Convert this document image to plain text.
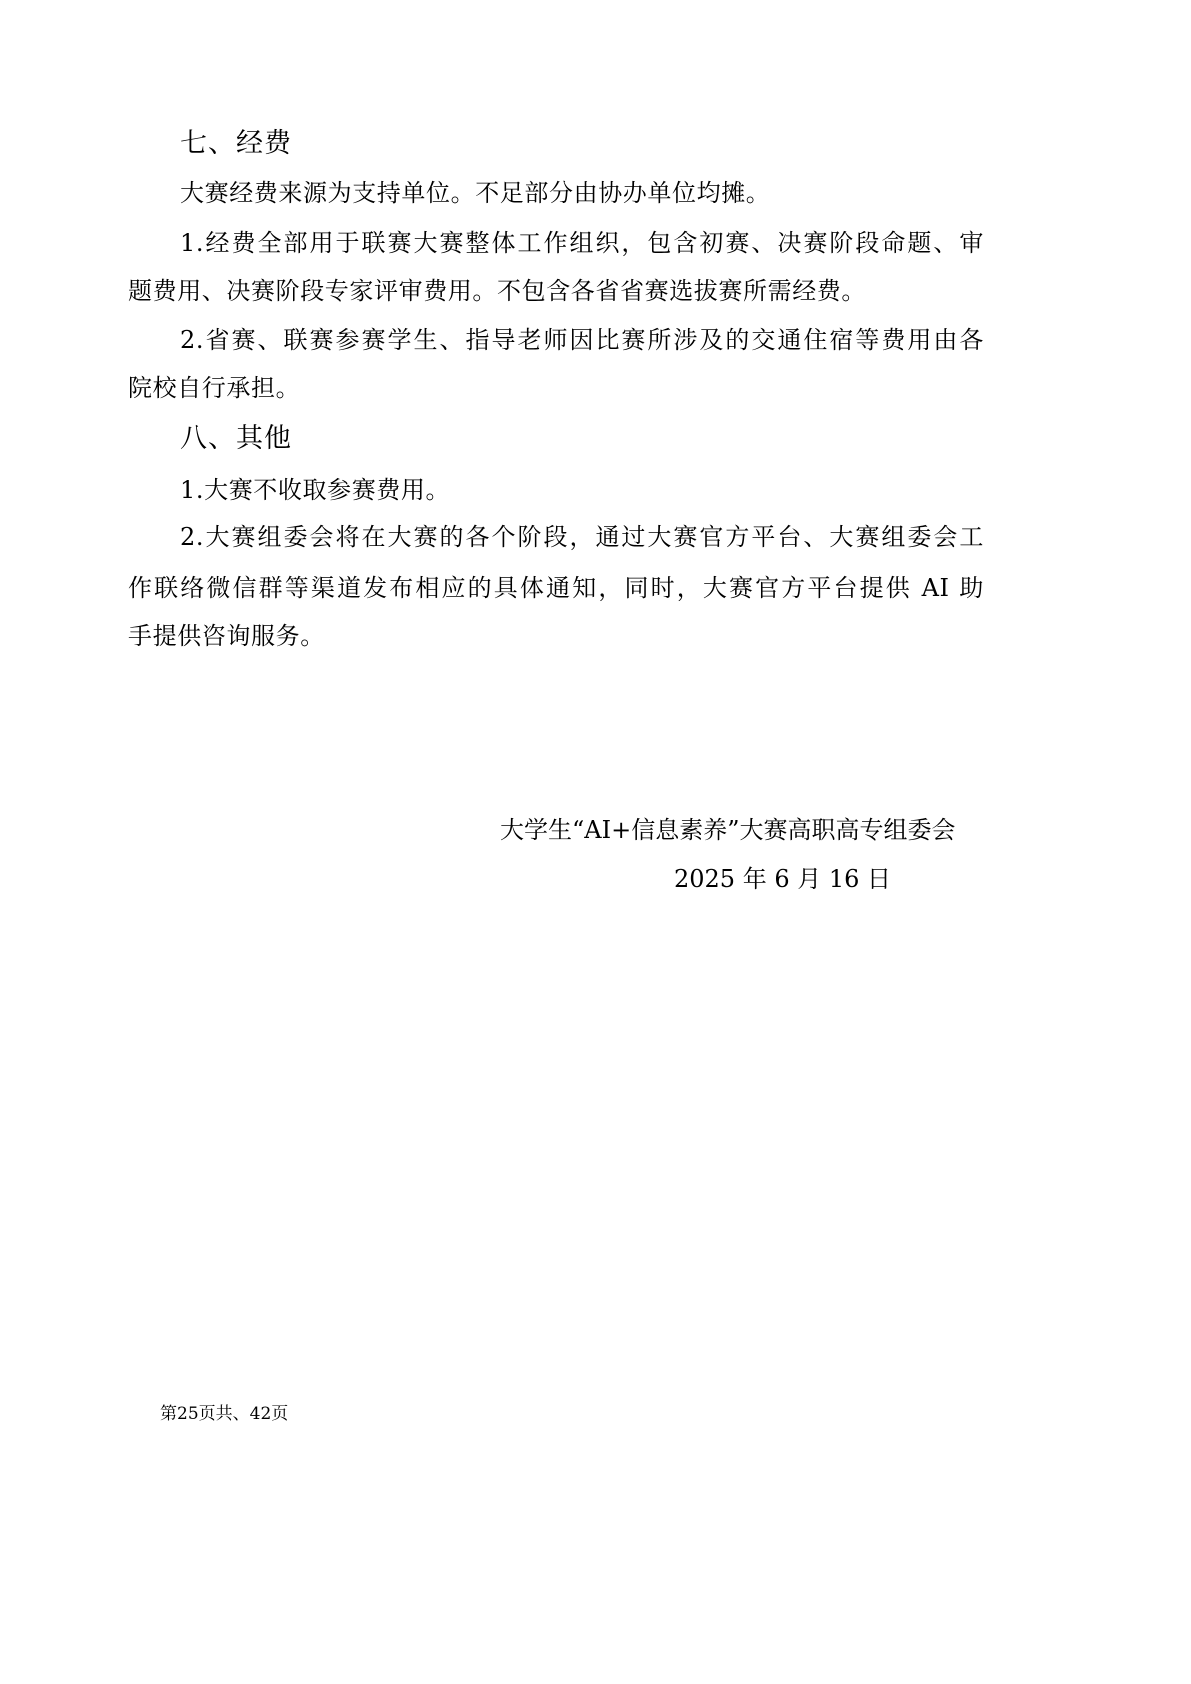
七、经费
大赛经费来源为支持单位。不足部分由协办单位均摊。
1.经费全部用于联赛大赛整体工作组织，包含初赛、决赛阶段命题、审
题费用、决赛阶段专家评审费用。不包含各省省赛选拔赛所需经费。
2.省赛、联赛参赛学生、指导老师因比赛所涉及的交通住宿等费用由各
院校自行承担。
八、其他
1.大赛不收取参赛费用。
2.大赛组委会将在大赛的各个阶段，通过大赛官方平台、大赛组委会工
作联络微信群等渠道发布相应的具体通知，同时，大赛官方平台提供 AI 助
手提供咨询服务。
大学生“AI+信息素养”大赛高职高专组委会
2025 年 6 月 16 日
第25页共、42页
